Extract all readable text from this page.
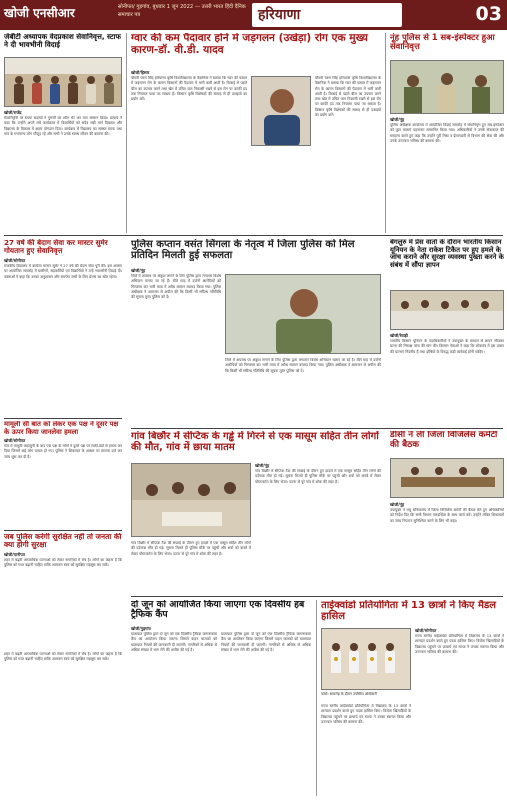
खोजी एनसीआर	सोनीपत/ गुड़गांव, बुधवार 1 जून 2022 — उत्तरी भारत हिंदी दैनिक समाचार पत्र	हरियाणा	03
जेबीटी अध्यापक वेदप्रकाश सेवानिवृत्त, स्टाफ ने दी भावभीनी विदाई
खोजी/राजेंद्र
सेवानिवृत्ति पर स्टाफ सदस्यों ने गुरुजी का शॉल भेंट कर मान सम्मान किया। प्राचार्य ने कहा कि उन्होंने अपने लंबे कार्यकाल में विद्यार्थियों को सदैव सही मार्ग दिखाया और विद्यालय के विकास में अहम योगदान दिया। कार्यक्रम में विद्यालय का समस्त स्टाफ तथा गांव के गणमान्य लोग मौजूद रहे और सभी ने उनके स्वस्थ जीवन की कामना की।
ग्वार की कम पैदावार होने में जड़गलन (उखेड़ा) रोग एक मुख्य कारण-डॉ. वी.डी. यादव
खोजी/हिसार
चौधरी चरण सिंह हरियाणा कृषि विश्वविद्यालय के वैज्ञानिक ने बताया कि ग्वार की फसल में जड़गलन रोग के कारण किसानों की पैदावार में भारी कमी आती है। बिजाई से पहले बीज का उपचार करने तथा खेत में उचित जल निकासी रखने से इस रोग पर काफी हद तक नियंत्रण पाया जा सकता है। किसान कृषि विशेषज्ञों की सलाह से ही दवाइयों का प्रयोग करें।
चौधरी चरण सिंह हरियाणा कृषि विश्वविद्यालय के वैज्ञानिक ने बताया कि ग्वार की फसल में जड़गलन रोग के कारण किसानों की पैदावार में भारी कमी आती है। बिजाई से पहले बीज का उपचार करने तथा खेत में उचित जल निकासी रखने से इस रोग पर काफी हद तक नियंत्रण पाया जा सकता है। किसान कृषि विशेषज्ञों की सलाह से ही दवाइयों का प्रयोग करें।
नूंह पुलिस से 1 सब-इंस्पेक्टर हुआ सेवानिवृत्त
खोजी/नूंह
पुलिस अधीक्षक कार्यालय में आयोजित विदाई समारोह में सेवानिवृत्त हुए सब-इंस्पेक्टर को फूल मालाएं पहनाकर सम्मानित किया गया। अधिकारियों ने उनके सेवाकाल की सराहना करते हुए कहा कि उन्होंने पूरी निष्ठा व ईमानदारी से विभाग की सेवा की और उनके उज्ज्वल भविष्य की कामना की।
27 वर्ष की बेदाग सेवा कर मास्टर सुमेर गोयतान हुए सेवानिवृत्त
खोजी/सोनीपत
राजकीय विद्यालय में कार्यरत मास्टर सुमेर ने 27 वर्ष की बेदाग सेवा पूरी की। इस अवसर पर आयोजित समारोह में ग्रामीणों, सहकर्मियों एवं विद्यार्थियों ने उन्हें भावभीनी विदाई दी। वक्ताओं ने कहा कि उनका अनुशासन और समर्पण सभी के लिए प्रेरणा का स्रोत रहेगा।
पुलिस कप्तान वसंत सिंगला के नेतृत्व में जिला पुलिस को मिल प्रतिदिन मिलती हुई सफलता
खोजी/नूंह
जिले में अपराध पर अंकुश लगाने के लिए पुलिस द्वारा लगातार विशेष अभियान चलाए जा रहे हैं। बीते माह में दर्जनों आरोपियों को गिरफ्तार कर भारी मात्रा में अवैध सामान बरामद किया गया। पुलिस अधीक्षक ने आमजन से अपील की कि किसी भी संदिग्ध गतिविधि की सूचना तुरंत पुलिस को दें।
जिले में अपराध पर अंकुश लगाने के लिए पुलिस द्वारा लगातार विशेष अभियान चलाए जा रहे हैं। बीते माह में दर्जनों आरोपियों को गिरफ्तार कर भारी मात्रा में अवैध सामान बरामद किया गया। पुलिस अधीक्षक ने आमजन से अपील की कि किसी भी संदिग्ध गतिविधि की सूचना तुरंत पुलिस को दें।
बेंगलुरु में प्रेस वार्ता के दौरान भारतीय किसान यूनियन के नेता राकेश टिकैत पर हुए हमले के जांच कराने और सुरक्षा व्यवस्था पुख्ता करने के संबंध में सौंपा ज्ञापन
खोजी/रेवाड़ी
भारतीय किसान यूनियन के पदाधिकारियों ने उपायुक्त के माध्यम से ज्ञापन सौंपकर घटना की निष्पक्ष जांच की मांग की। किसान नेताओं ने कहा कि लोकतंत्र में इस प्रकार की घटनाएं निंदनीय हैं तथा दोषियों के विरुद्ध कड़ी कार्रवाई होनी चाहिए।
मामूली सी बात को लेकर एक पक्ष ने दूसरे पक्ष के ऊपर किया जानलेवा हमला
खोजी/सोनीपत
गांव में मामूली कहासुनी के बाद एक पक्ष के लोगों ने दूसरे पक्ष पर लाठी-डंडों से हमला कर दिया जिसमें कई लोग घायल हो गए। पुलिस ने शिकायत के आधार पर मामला दर्ज कर जांच शुरू कर दी है।
जब पुलिस करेगी सुरक्षित नहीं तो जनता की क्या होगी सुरक्षा
खोजी/पानीपत
शहर में बढ़ती आपराधिक घटनाओं को लेकर नागरिकों में रोष है। लोगों का कहना है कि पुलिस को गश्त बढ़ानी चाहिए ताकि आमजन स्वयं को सुरक्षित महसूस कर सकें।
गांव बिछौर में सेप्टिक के गड्ढे में गिरने से एक मासूम सहित तीन लोगों की मौत, गांव में छाया मातम
खोजी/नूंह
गांव बिछौर में सेप्टिक टैंक की सफाई के दौरान हुए हादसे में एक मासूम सहित तीन लोगों की दर्दनाक मौत हो गई। सूचना मिलते ही पुलिस मौके पर पहुंची और शवों को कब्जे में लेकर पोस्टमार्टम के लिए भेजा। घटना से पूरे गांव में शोक की लहर है।
गांव बिछौर में सेप्टिक टैंक की सफाई के दौरान हुए हादसे में एक मासूम सहित तीन लोगों की दर्दनाक मौत हो गई। सूचना मिलते ही पुलिस मौके पर पहुंची और शवों को कब्जे में लेकर पोस्टमार्टम के लिए भेजा। घटना से पूरे गांव में शोक की लहर है।
डीसी ने ली जिला विजिलेंस कमेटी की बैठक
खोजी/नूंह
उपायुक्त ने लघु सचिवालय में जिला विजिलेंस कमेटी की बैठक लेते हुए अधिकारियों को निर्देश दिए कि सभी विभाग पारदर्शिता के साथ कार्य करें। उन्होंने लंबित शिकायतों का जल्द निपटान सुनिश्चित करने के लिए भी कहा।
दो जून को आयोजित किया जाएगा एक दिवसीय हब ट्रैफिक कैंप
खोजी/गुड़गांव
यातायात पुलिस द्वारा दो जून को एक दिवसीय ट्रैफिक जागरूकता कैंप का आयोजन किया जाएगा जिसमें वाहन चालकों को यातायात नियमों की जानकारी दी जाएगी। नागरिकों से अधिक से अधिक संख्या में भाग लेने की अपील की गई है।
यातायात पुलिस द्वारा दो जून को एक दिवसीय ट्रैफिक जागरूकता कैंप का आयोजन किया जाएगा जिसमें वाहन चालकों को यातायात नियमों की जानकारी दी जाएगी। नागरिकों से अधिक से अधिक संख्या में भाग लेने की अपील की गई है।
ताईक्वांडो प्रतियोगिता में 13 छात्रों ने किए मैडल हासिल
फोटो: समारोह के दौरान उपस्थित अधिकारी
खोजी/सोनीपत
राज्य स्तरीय ताईक्वांडो प्रतियोगिता में विद्यालय के 13 छात्रों ने शानदार प्रदर्शन करते हुए पदक हासिल किए। विजेता खिलाड़ियों के विद्यालय पहुंचने पर प्राचार्य एवं स्टाफ ने उनका स्वागत किया और उज्ज्वल भविष्य की कामना की।
राज्य स्तरीय ताईक्वांडो प्रतियोगिता में विद्यालय के 13 छात्रों ने शानदार प्रदर्शन करते हुए पदक हासिल किए। विजेता खिलाड़ियों के विद्यालय पहुंचने पर प्राचार्य एवं स्टाफ ने उनका स्वागत किया और उज्ज्वल भविष्य की कामना की।
शहर में बढ़ती आपराधिक घटनाओं को लेकर नागरिकों में रोष है। लोगों का कहना है कि पुलिस को गश्त बढ़ानी चाहिए ताकि आमजन स्वयं को सुरक्षित महसूस कर सकें।
